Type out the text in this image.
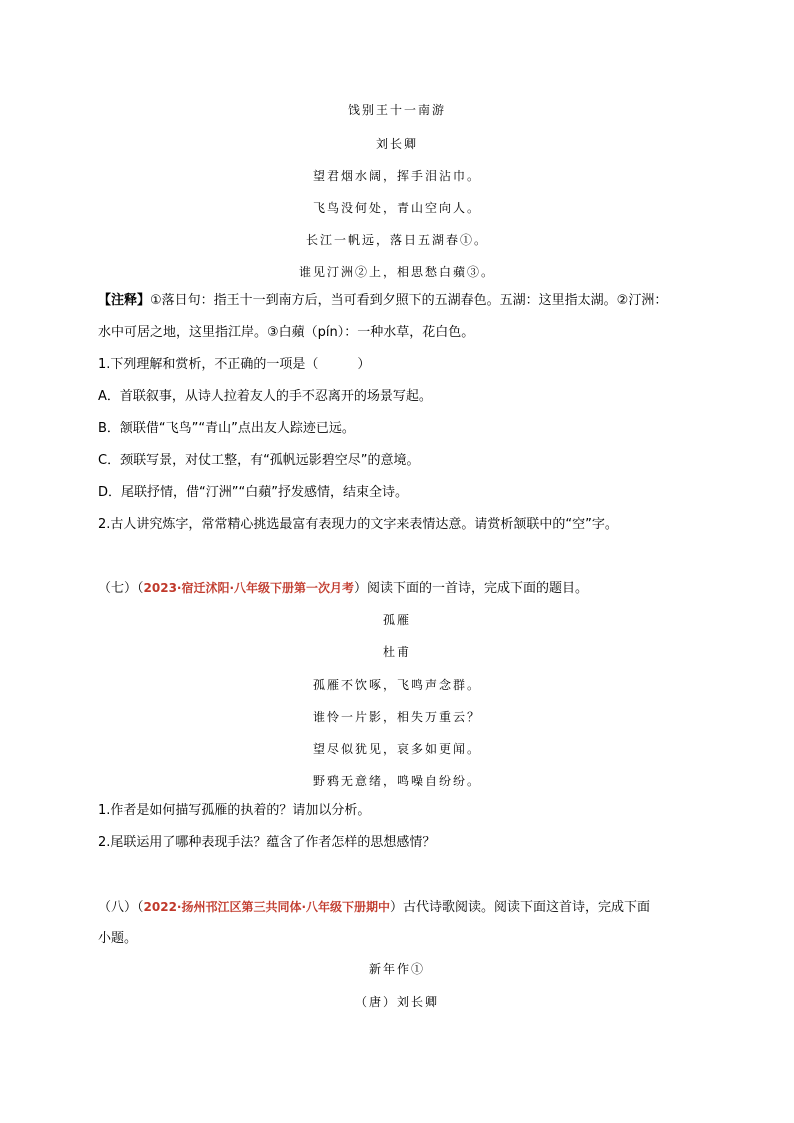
饯别王十一南游
刘长卿
望君烟水阔，挥手泪沾巾。
飞鸟没何处，青山空向人。
长江一帆远，落日五湖春①。
谁见汀洲②上，相思愁白蘋③。
【注释】①落日句：指王十一到南方后，当可看到夕照下的五湖春色。五湖：这里指太湖。②汀洲：
水中可居之地，这里指江岸。③白蘋（pín）：一种水草，花白色。
1.下列理解和赏析，不正确的一项是（　　　）
A．首联叙事，从诗人拉着友人的手不忍离开的场景写起。
B．颔联借“飞鸟”“青山”点出友人踪迹已远。
C．颈联写景，对仗工整，有“孤帆远影碧空尽”的意境。
D．尾联抒情，借“汀洲”“白蘋”抒发感情，结束全诗。
2.古人讲究炼字，常常精心挑选最富有表现力的文字来表情达意。请赏析颔联中的“空”字。
（七）（2023·宿迁沭阳·八年级下册第一次月考）阅读下面的一首诗，完成下面的题目。
孤雁
杜甫
孤雁不饮啄，飞鸣声念群。
谁怜一片影，相失万重云？
望尽似犹见，哀多如更闻。
野鸦无意绪，鸣噪自纷纷。
1.作者是如何描写孤雁的执着的？请加以分析。
2.尾联运用了哪种表现手法？蕴含了作者怎样的思想感情？
（八）（2022·扬州邗江区第三共同体·八年级下册期中）古代诗歌阅读。阅读下面这首诗，完成下面
小题。
新年作①
（唐）刘长卿
